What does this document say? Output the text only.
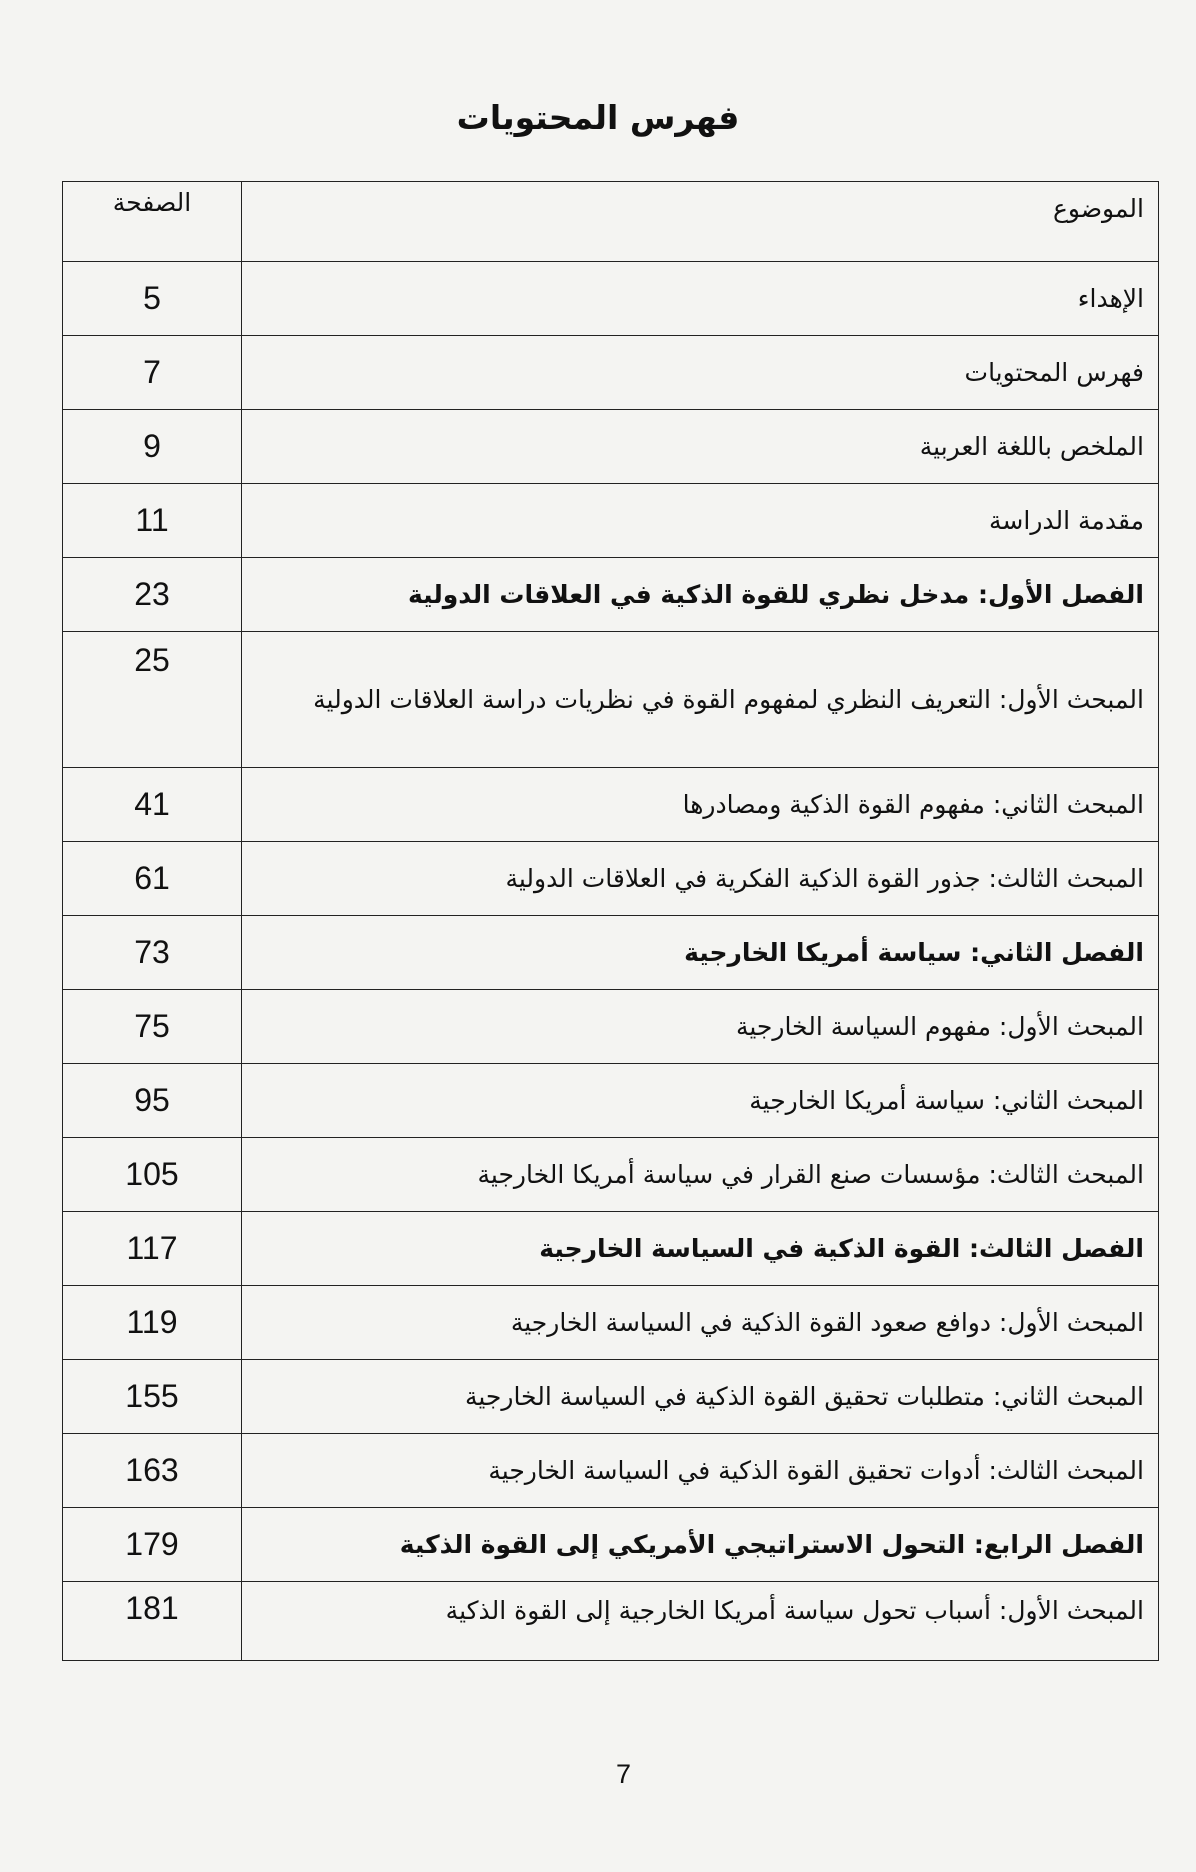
فهرس المحتويات
الموضوع	الصفحة
الإهداء	5
فهرس المحتويات	7
الملخص باللغة العربية	9
مقدمة الدراسة	11
الفصل الأول: مدخل نظري للقوة الذكية في العلاقات الدولية	23
المبحث الأول: التعريف النظري لمفهوم القوة في نظريات دراسة العلاقات الدولية	25
المبحث الثاني: مفهوم القوة الذكية ومصادرها	41
المبحث الثالث: جذور القوة الذكية الفكرية في العلاقات الدولية	61
الفصل الثاني: سياسة أمريكا الخارجية	73
المبحث الأول: مفهوم السياسة الخارجية	75
المبحث الثاني: سياسة أمريكا الخارجية	95
المبحث الثالث: مؤسسات صنع القرار في سياسة أمريكا الخارجية	105
الفصل الثالث: القوة الذكية في السياسة الخارجية	117
المبحث الأول: دوافع صعود القوة الذكية في السياسة الخارجية	119
المبحث الثاني: متطلبات تحقيق القوة الذكية في السياسة الخارجية	155
المبحث الثالث: أدوات تحقيق القوة الذكية في السياسة الخارجية	163
الفصل الرابع: التحول الاستراتيجي الأمريكي إلى القوة الذكية	179
المبحث الأول: أسباب تحول سياسة أمريكا الخارجية إلى القوة الذكية	181
7
